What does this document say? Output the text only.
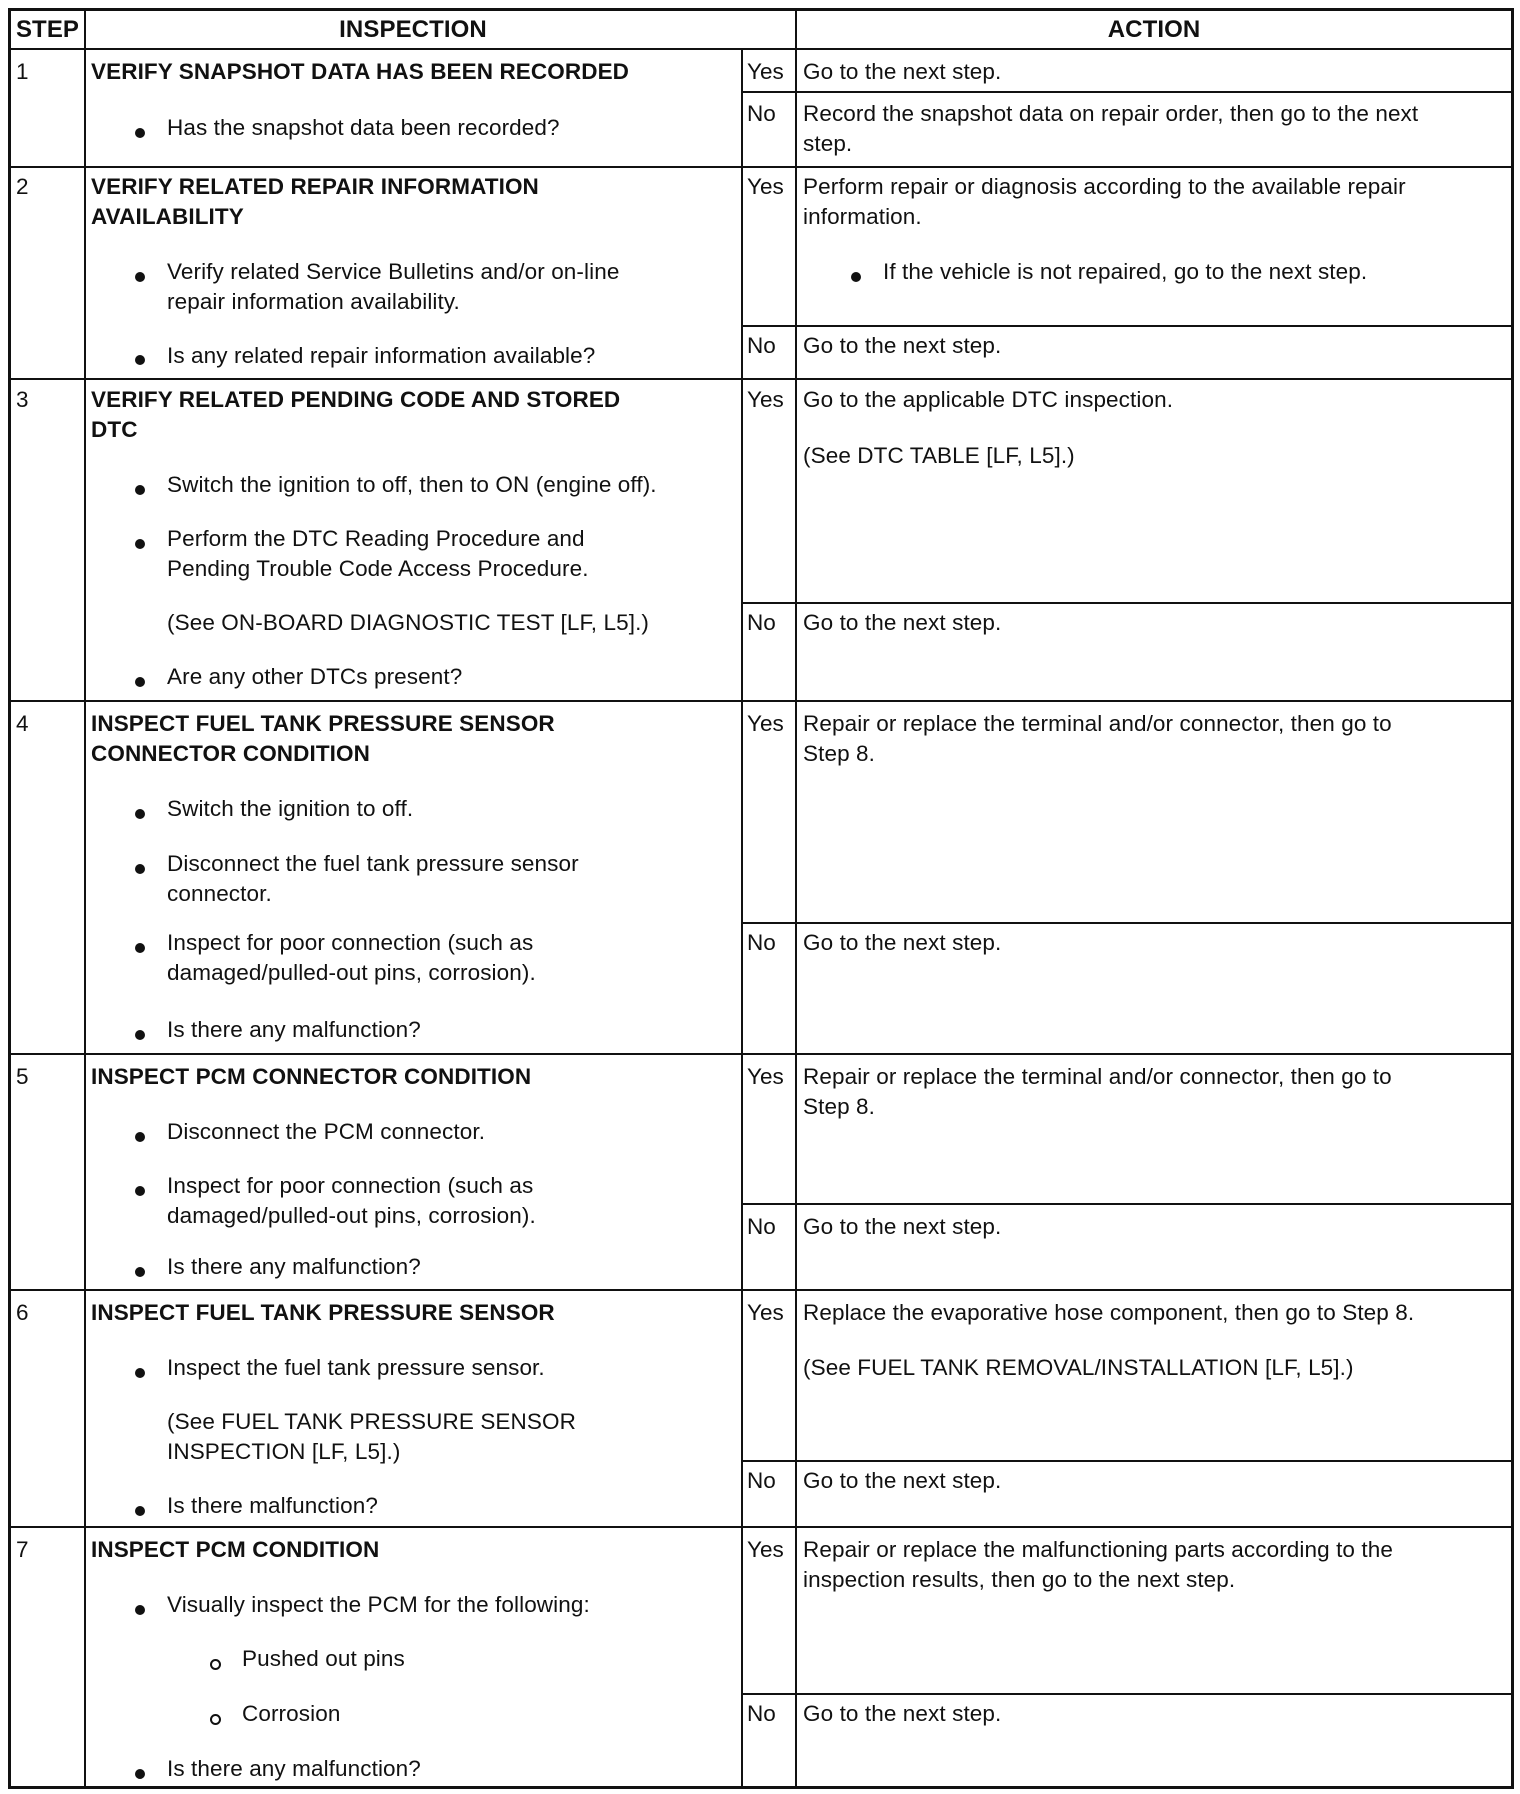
STEP	INSPECTION	ACTION
1	VERIFY SNAPSHOT DATA HAS BEEN RECORDED
Has the snapshot data been recorded?
Yes Go to the next step.
No Record the snapshot data on repair order, then go to the next
step.
2	VERIFY RELATED REPAIR INFORMATION
AVAILABILITY
Verify related Service Bulletins and/or on-line
repair information availability.
Is any related repair information available?
Yes Perform repair or diagnosis according to the available repair
information.
If the vehicle is not repaired, go to the next step.
No Go to the next step.
3	VERIFY RELATED PENDING CODE AND STORED
DTC
Switch the ignition to off, then to ON (engine off).
Perform the DTC Reading Procedure and
Pending Trouble Code Access Procedure.
(See ON-BOARD DIAGNOSTIC TEST [LF, L5].)
Are any other DTCs present?
Yes Go to the applicable DTC inspection.
(See DTC TABLE [LF, L5].)
No Go to the next step.
4	INSPECT FUEL TANK PRESSURE SENSOR
CONNECTOR CONDITION
Switch the ignition to off.
Disconnect the fuel tank pressure sensor
connector.
Inspect for poor connection (such as
damaged/pulled-out pins, corrosion).
Is there any malfunction?
Yes Repair or replace the terminal and/or connector, then go to
Step 8.
No Go to the next step.
5	INSPECT PCM CONNECTOR CONDITION
Disconnect the PCM connector.
Inspect for poor connection (such as
damaged/pulled-out pins, corrosion).
Is there any malfunction?
Yes Repair or replace the terminal and/or connector, then go to
Step 8.
No Go to the next step.
6	INSPECT FUEL TANK PRESSURE SENSOR
Inspect the fuel tank pressure sensor.
(See FUEL TANK PRESSURE SENSOR
INSPECTION [LF, L5].)
Is there malfunction?
Yes Replace the evaporative hose component, then go to Step 8.
(See FUEL TANK REMOVAL/INSTALLATION [LF, L5].)
No Go to the next step.
7	INSPECT PCM CONDITION
Visually inspect the PCM for the following:
Pushed out pins
Corrosion
Is there any malfunction?
Yes Repair or replace the malfunctioning parts according to the
inspection results, then go to the next step.
No Go to the next step.
